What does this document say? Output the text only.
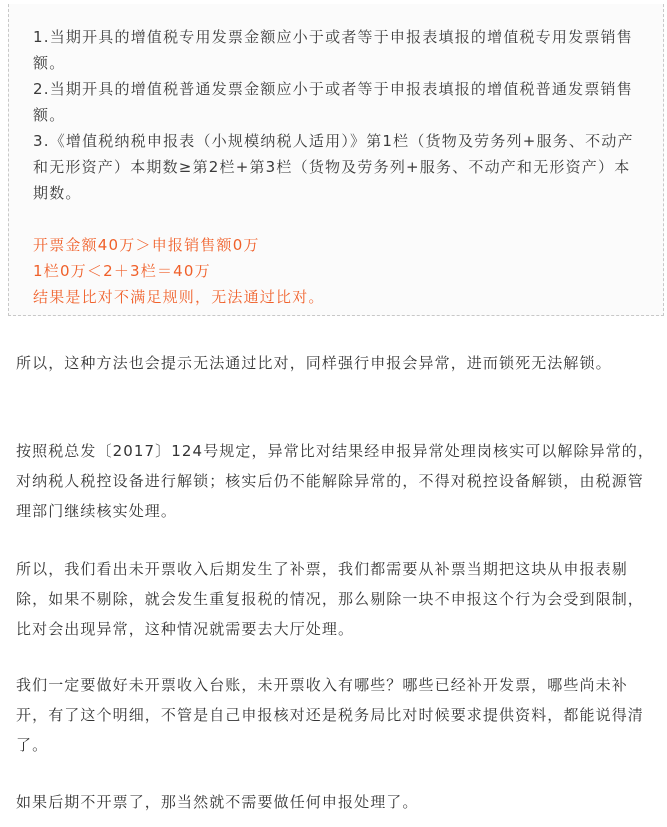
1.当期开具的增值税专用发票金额应小于或者等于申报表填报的增值税专用发票销售额。

2.当期开具的增值税普通发票金额应小于或者等于申报表填报的增值税普通发票销售额。

3.《增值税纳税申报表（小规模纳税人适用）》第1栏（货物及劳务列+服务、不动产和无形资产）本期数≥第2栏+第3栏（货物及劳务列+服务、不动产和无形资产）本期数。

开票金额40万＞申报销售额0万

1栏0万＜2＋3栏＝40万

结果是比对不满足规则，无法通过比对。

所以，这种方法也会提示无法通过比对，同样强行申报会异常，进而锁死无法解锁。

按照税总发〔2017〕124号规定，异常比对结果经申报异常处理岗核实可以解除异常的，对纳税人税控设备进行解锁；核实后仍不能解除异常的，不得对税控设备解锁，由税源管理部门继续核实处理。

所以，我们看出未开票收入后期发生了补票，我们都需要从补票当期把这块从申报表剔除，如果不剔除，就会发生重复报税的情况，那么剔除一块不申报这个行为会受到限制，比对会出现异常，这种情况就需要去大厅处理。

我们一定要做好未开票收入台账，未开票收入有哪些？哪些已经补开发票，哪些尚未补开，有了这个明细，不管是自己申报核对还是税务局比对时候要求提供资料，都能说得清了。

如果后期不开票了，那当然就不需要做任何申报处理了。
